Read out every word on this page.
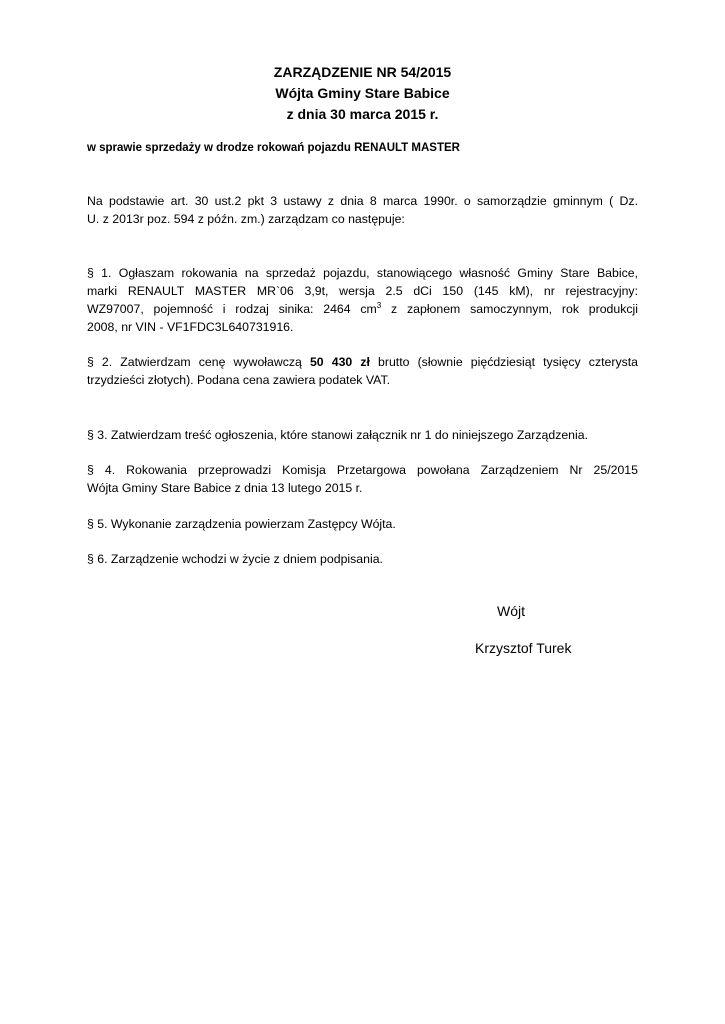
ZARZĄDZENIE NR 54/2015
Wójta Gminy Stare Babice
z dnia 30 marca 2015 r.
w sprawie sprzedaży w drodze rokowań pojazdu RENAULT MASTER
Na podstawie art. 30 ust.2 pkt 3 ustawy z dnia 8 marca 1990r. o samorządzie gminnym ( Dz.
U. z 2013r poz. 594 z późn. zm.) zarządzam co następuje:
§ 1. Ogłaszam rokowania na sprzedaż pojazdu, stanowiącego własność Gminy Stare Babice,
marki RENAULT MASTER MR`06 3,9t, wersja 2.5 dCi 150 (145 kM), nr rejestracyjny:
WZ97007, pojemność i rodzaj sinika: 2464 $cm^3$ z zapłonem samoczynnym, rok produkcji
2008, nr VIN - VF1FDC3L640731916.
§ 2. Zatwierdzam cenę wywoławczą 50 430 zł brutto (słownie pięćdziesiąt tysięcy czterysta
trzydzieści złotych). Podana cena zawiera podatek VAT.
§ 3. Zatwierdzam treść ogłoszenia, które stanowi załącznik nr 1 do niniejszego Zarządzenia.
§ 4. Rokowania przeprowadzi Komisja Przetargowa powołana Zarządzeniem Nr 25/2015
Wójta Gminy Stare Babice z dnia 13 lutego 2015 r.
§ 5. Wykonanie zarządzenia powierzam Zastępcy Wójta.
§ 6. Zarządzenie wchodzi w życie z dniem podpisania.
Wójt
Krzysztof Turek
